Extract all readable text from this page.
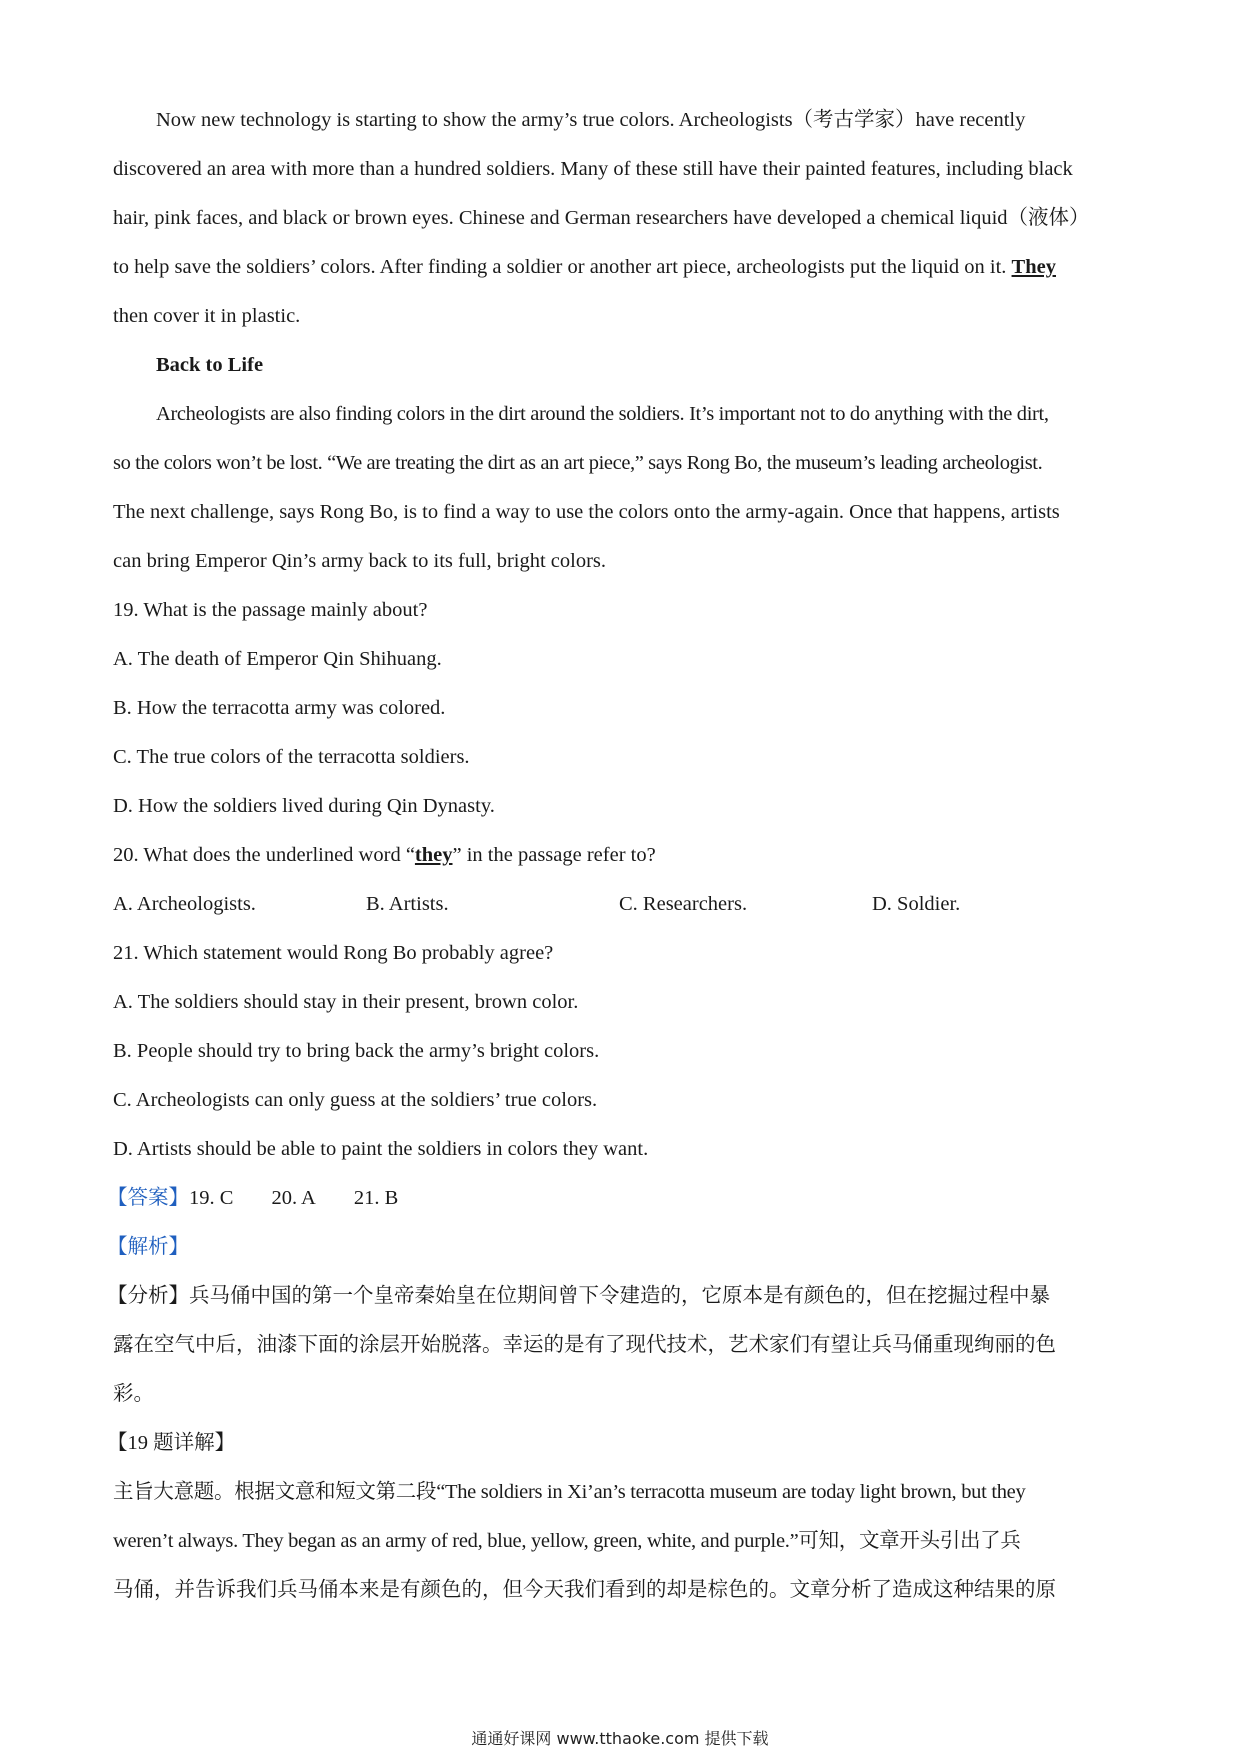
Now new technology is starting to show the army’s true colors. Archeologists（考古学家）have recently

discovered an area with more than a hundred soldiers. Many of these still have their painted features, including black

hair, pink faces, and black or brown eyes. Chinese and German researchers have developed a chemical liquid（液体）

to help save the soldiers’ colors. After finding a soldier or another art piece, archeologists put the liquid on it. They

then cover it in plastic.

Back to Life

Archeologists are also finding colors in the dirt around the soldiers. It’s important not to do anything with the dirt,

so the colors won’t be lost. “We are treating the dirt as an art piece,” says Rong Bo, the museum’s leading archeologist.

The next challenge, says Rong Bo, is to find a way to use the colors onto the army-again. Once that happens, artists

can bring Emperor Qin’s army back to its full, bright colors.

19. What is the passage mainly about?

A. The death of Emperor Qin Shihuang.

B. How the terracotta army was colored.

C. The true colors of the terracotta soldiers.

D. How the soldiers lived during Qin Dynasty.

20. What does the underlined word “they” in the passage refer to?

A. Archeologists.	B. Artists.	C. Researchers.	D. Soldier.

21. Which statement would Rong Bo probably agree?

A. The soldiers should stay in their present, brown color.

B. People should try to bring back the army’s bright colors.

C. Archeologists can only guess at the soldiers’ true colors.

D. Artists should be able to paint the soldiers in colors they want.

【答案】19. C 20. A 21. B

【解析】

【分析】兵马俑中国的第一个皇帝秦始皇在位期间曾下令建造的，它原本是有颜色的，但在挖掘过程中暴

露在空气中后，油漆下面的涂层开始脱落。幸运的是有了现代技术，艺术家们有望让兵马俑重现绚丽的色

彩。

【19 题详解】

主旨大意题。根据文意和短文第二段“The soldiers in Xi’an’s terracotta museum are today light brown, but they

weren’t always. They began as an army of red, blue, yellow, green, white, and purple.”可知，文章开头引出了兵

马俑，并告诉我们兵马俑本来是有颜色的，但今天我们看到的却是棕色的。文章分析了造成这种结果的原

通通好课网 www.tthaoke.com 提供下载
